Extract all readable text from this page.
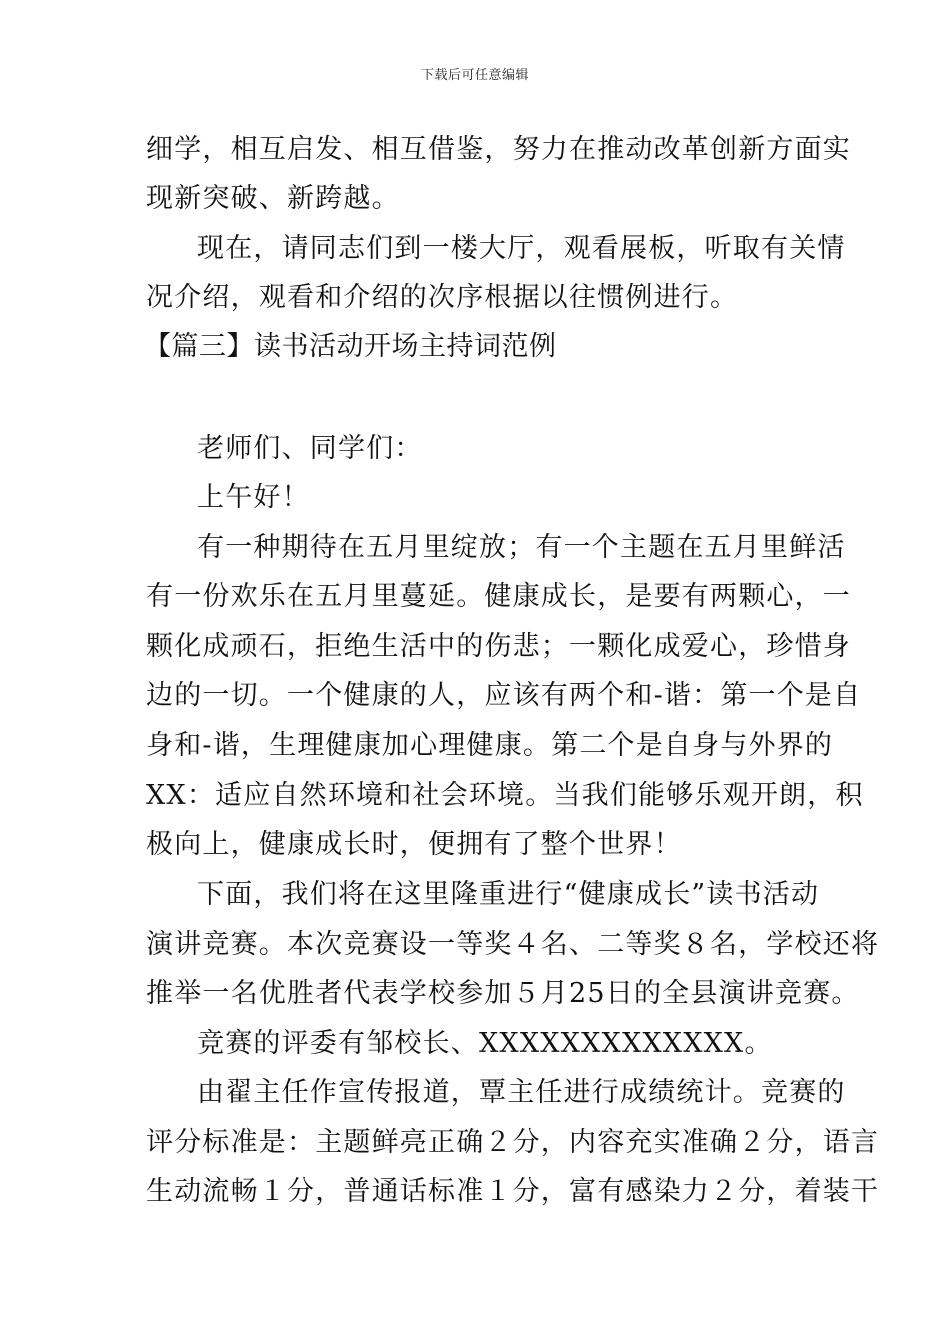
下载后可任意编辑
细学，相互启发、相互借鉴，努力在推动改革创新方面实
现新突破、新跨越。
现在，请同志们到一楼大厅，观看展板，听取有关情
况介绍，观看和介绍的次序根据以往惯例进行。
【篇三】读书活动开场主持词范例
老师们、同学们：
上午好！
有一种期待在五月里绽放；有一个主题在五月里鲜活
有一份欢乐在五月里蔓延。健康成长，是要有两颗心，一
颗化成顽石，拒绝生活中的伤悲；一颗化成爱心，珍惜身
边的一切。一个健康的人，应该有两个和-谐：第一个是自
身和-谐，生理健康加心理健康。第二个是自身与外界的
XX：适应自然环境和社会环境。当我们能够乐观开朗，积
极向上，健康成长时，便拥有了整个世界！
下面，我们将在这里隆重进行“健康成长”读书活动
演讲竞赛。本次竞赛设一等奖４名、二等奖８名，学校还将
推举一名优胜者代表学校参加５月25日的全县演讲竞赛。
竞赛的评委有邹校长、XXXXXXXXXXXXX。
由翟主任作宣传报道，覃主任进行成绩统计。竞赛的
评分标准是：主题鲜亮正确２分，内容充实准确２分，语言
生动流畅１分，普通话标准１分，富有感染力２分，着装干
